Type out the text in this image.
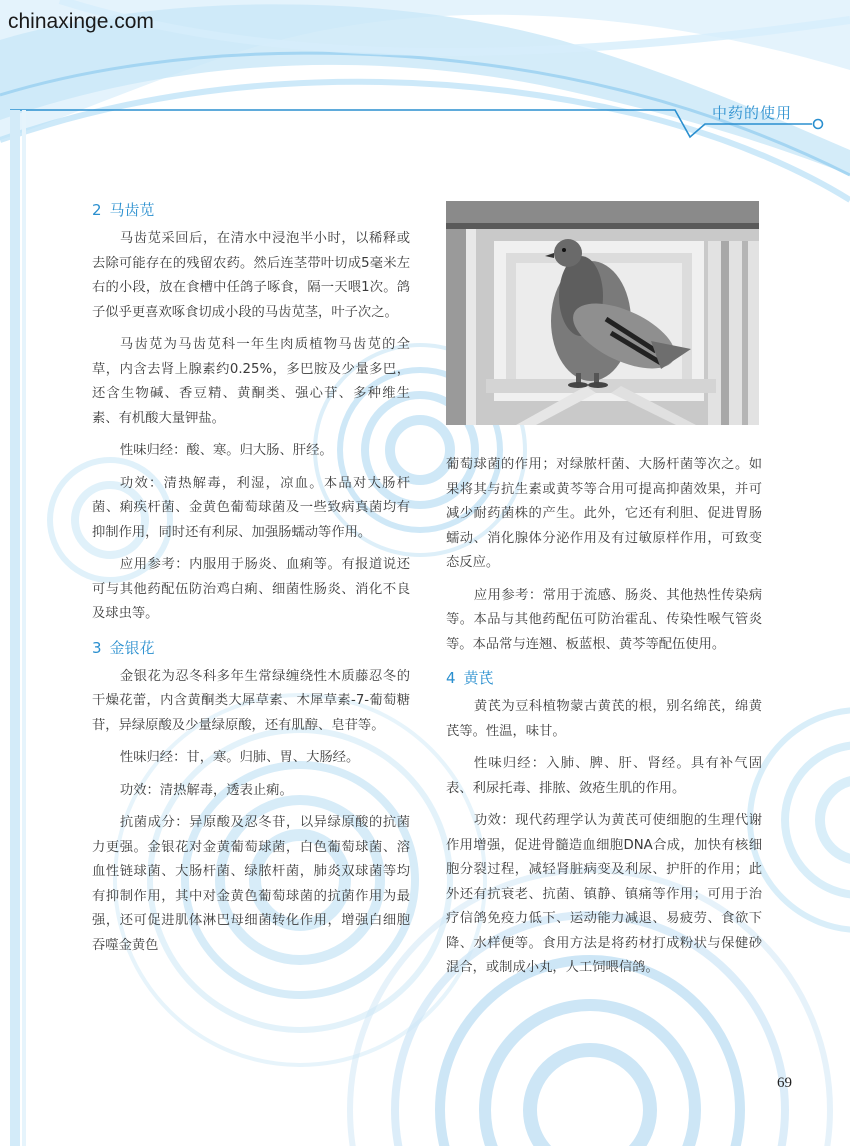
chinaxinge.com
中药的使用
2 马齿苋

马齿苋采回后，在清水中浸泡半小时，以稀释或去除可能存在的残留农药。然后连茎带叶切成5毫米左右的小段，放在食槽中任鸽子啄食，隔一天喂1次。鸽子似乎更喜欢啄食切成小段的马齿苋茎，叶子次之。

马齿苋为马齿苋科一年生肉质植物马齿苋的全草，内含去肾上腺素约0.25%，多巴胺及少量多巴，还含生物碱、香豆精、黄酮类、强心苷、多种维生素、有机酸大量钾盐。

性味归经：酸、寒。归大肠、肝经。

功效：清热解毒，利湿，凉血。本品对大肠杆菌、痢疾杆菌、金黄色葡萄球菌及一些致病真菌均有抑制作用，同时还有利尿、加强肠蠕动等作用。

应用参考：内服用于肠炎、血痢等。有报道说还可与其他药配伍防治鸡白痢、细菌性肠炎、消化不良及球虫等。

3 金银花

金银花为忍冬科多年生常绿缠绕性木质藤忍冬的干燥花蕾，内含黄酮类大犀草素、木犀草素-7-葡萄糖苷，异绿原酸及少量绿原酸，还有肌醇、皂苷等。

性味归经：甘，寒。归肺、胃、大肠经。

功效：清热解毒，透表止痢。

抗菌成分：异原酸及忍冬苷，以异绿原酸的抗菌力更强。金银花对金黄葡萄球菌，白色葡萄球菌、溶血性链球菌、大肠杆菌、绿脓杆菌，肺炎双球菌等均有抑制作用，其中对金黄色葡萄球菌的抗菌作用为最强，还可促进肌体淋巴母细菌转化作用，增强白细胞吞噬金黄色

葡萄球菌的作用；对绿脓杆菌、大肠杆菌等次之。如果将其与抗生素或黄芩等合用可提高抑菌效果，并可减少耐药菌株的产生。此外，它还有利胆、促进胃肠蠕动、消化腺体分泌作用及有过敏原样作用，可致变态反应。

应用参考：常用于流感、肠炎、其他热性传染病等。本品与其他药配伍可防治霍乱、传染性喉气管炎等。本品常与连翘、板蓝根、黄芩等配伍使用。

4 黄芪

黄芪为豆科植物蒙古黄芪的根，别名绵芪，绵黄芪等。性温，味甘。

性味归经：入肺、脾、肝、肾经。具有补气固表、利尿托毒、排脓、敛疮生肌的作用。

功效：现代药理学认为黄芪可使细胞的生理代谢作用增强，促进骨髓造血细胞DNA合成，加快有核细胞分裂过程，减轻肾脏病变及利尿、护肝的作用；此外还有抗衰老、抗菌、镇静、镇痛等作用；可用于治疗信鸽免疫力低下、运动能力减退、易疲劳、食欲下降、水样便等。食用方法是将药材打成粉状与保健砂混合，或制成小丸，人工饲喂信鸽。

69
